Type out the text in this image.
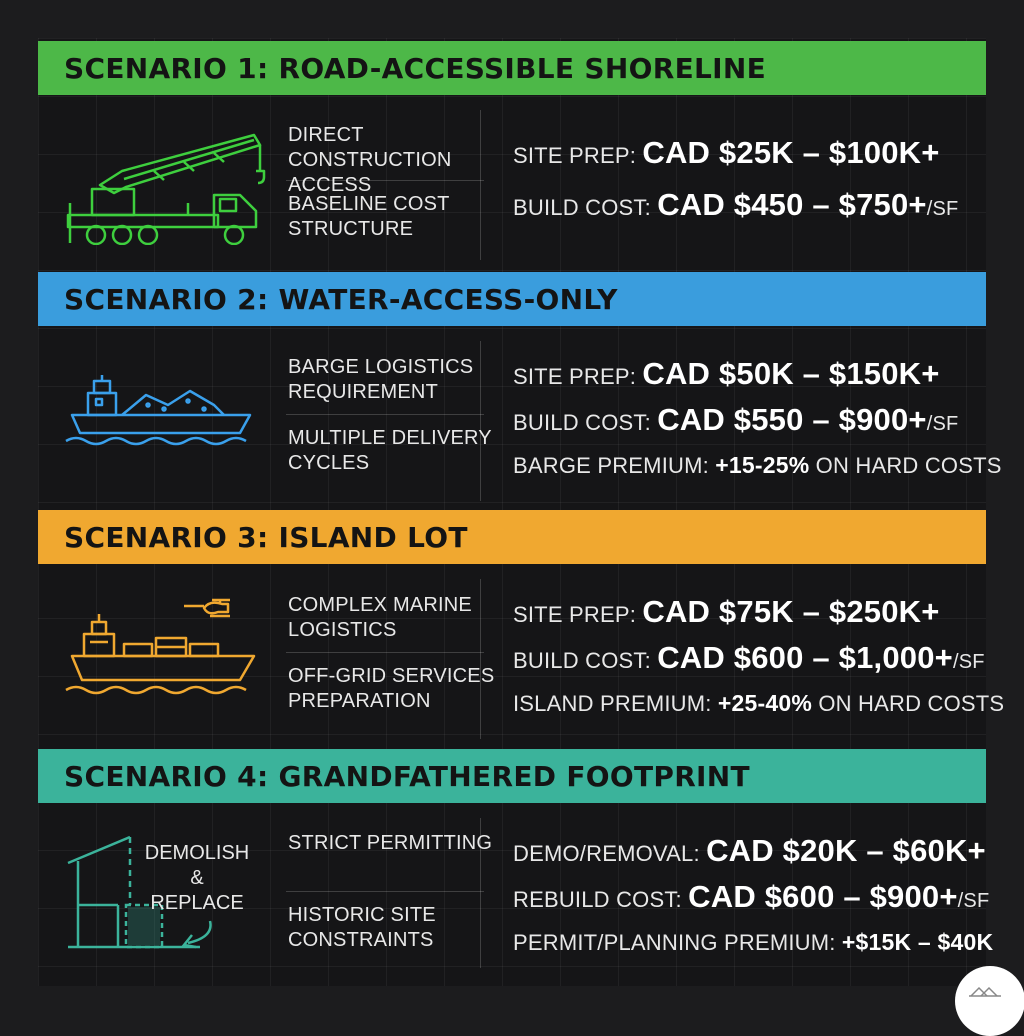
SCENARIO 1: ROAD-ACCESSIBLE SHORELINE
DIRECT CONSTRUCTION ACCESS
BASELINE COST STRUCTURE
SITE PREP: CAD $25K – $100K+
BUILD COST: CAD $450 – $750+/SF
SCENARIO 2: WATER-ACCESS-ONLY
BARGE LOGISTICS REQUIREMENT
MULTIPLE DELIVERY CYCLES
SITE PREP: CAD $50K – $150K+
BUILD COST: CAD $550 – $900+/SF
BARGE PREMIUM: +15-25% ON HARD COSTS
SCENARIO 3: ISLAND LOT
COMPLEX MARINE LOGISTICS
OFF-GRID SERVICES PREPARATION
SITE PREP: CAD $75K – $250K+
BUILD COST: CAD $600 – $1,000+/SF
ISLAND PREMIUM: +25-40% ON HARD COSTS
SCENARIO 4: GRANDFATHERED FOOTPRINT
DEMOLISH & REPLACE
STRICT PERMITTING
HISTORIC SITE CONSTRAINTS
DEMO/REMOVAL: CAD $20K – $60K+
REBUILD COST: CAD $600 – $900+/SF
PERMIT/PLANNING PREMIUM: +$15K – $40K
